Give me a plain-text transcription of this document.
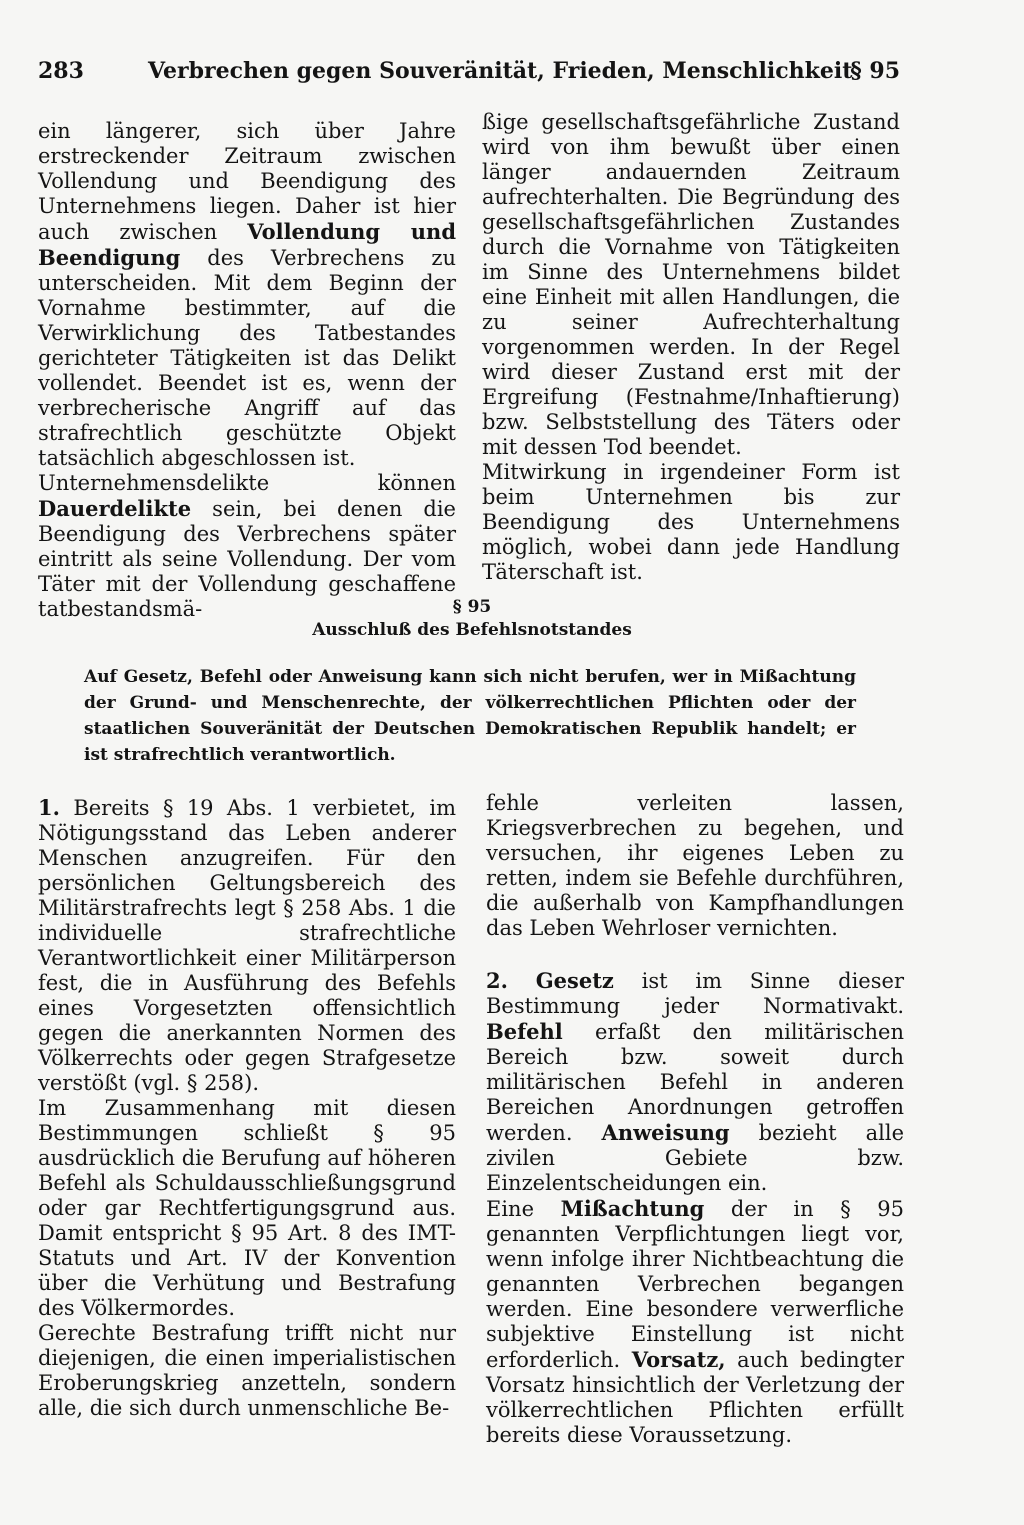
283	Verbrechen gegen Souveränität, Frieden, Menschlichkeit
§ 95

ein längerer, sich über Jahre erstreckender Zeitraum zwischen Vollendung und Beendigung des Unternehmens liegen. Daher ist hier auch zwischen Vollendung und Beendigung des Verbrechens zu unterscheiden. Mit dem Beginn der Vornahme bestimmter, auf die Verwirklichung des Tatbestandes gerichteter Tätigkeiten ist das Delikt vollendet. Beendet ist es, wenn der verbrecherische Angriff auf das strafrechtlich geschützte Objekt tatsächlich abgeschlossen ist.

Unternehmensdelikte können Dauerdelikte sein, bei denen die Beendigung des Verbrechens später eintritt als seine Vollendung. Der vom Täter mit der Vollendung geschaffene tatbestandsmä-

ßige gesellschaftsgefährliche Zustand wird von ihm bewußt über einen länger andauernden Zeitraum aufrechterhalten. Die Begründung des gesellschaftsgefährlichen Zustandes durch die Vornahme von Tätigkeiten im Sinne des Unternehmens bildet eine Einheit mit allen Handlungen, die zu seiner Aufrechterhaltung vorgenommen werden. In der Regel wird dieser Zustand erst mit der Ergreifung (Festnahme/Inhaftierung) bzw. Selbststellung des Täters oder mit dessen Tod beendet.

Mitwirkung in irgendeiner Form ist beim Unternehmen bis zur Beendigung des Unternehmens möglich, wobei dann jede Handlung Täterschaft ist.

§ 95
Ausschluß des Befehlsnotstandes
Auf Gesetz, Befehl oder Anweisung kann sich nicht berufen, wer in Mißachtung der Grund- und Menschenrechte, der völkerrechtlichen Pflichten oder der staatlichen Souveränität der Deutschen Demokratischen Republik handelt; er ist strafrechtlich verantwortlich.

1. Bereits § 19 Abs. 1 verbietet, im Nötigungsstand das Leben anderer Menschen anzugreifen. Für den persönlichen Geltungsbereich des Militärstrafrechts legt § 258 Abs. 1 die individuelle strafrechtliche Verantwortlichkeit einer Militärperson fest, die in Ausführung des Befehls eines Vorgesetzten offensichtlich gegen die anerkannten Normen des Völkerrechts oder gegen Strafgesetze verstößt (vgl. § 258).

Im Zusammenhang mit diesen Bestimmungen schließt § 95 ausdrücklich die Berufung auf höheren Befehl als Schuldausschließungsgrund oder gar Rechtfertigungsgrund aus. Damit entspricht § 95 Art. 8 des IMT-Statuts und Art. IV der Konvention über die Verhütung und Bestrafung des Völkermordes.

Gerechte Bestrafung trifft nicht nur diejenigen, die einen imperialistischen Eroberungskrieg anzetteln, sondern alle, die sich durch unmenschliche Be-

fehle verleiten lassen, Kriegsverbrechen zu begehen, und versuchen, ihr eigenes Leben zu retten, indem sie Befehle durchführen, die außerhalb von Kampfhandlungen das Leben Wehrloser vernichten.

2. Gesetz ist im Sinne dieser Bestimmung jeder Normativakt. Befehl erfaßt den militärischen Bereich bzw. soweit durch militärischen Befehl in anderen Bereichen Anordnungen getroffen werden. Anweisung bezieht alle zivilen Gebiete bzw. Einzelentscheidungen ein.

Eine Mißachtung der in § 95 genannten Verpflichtungen liegt vor, wenn infolge ihrer Nichtbeachtung die genannten Verbrechen begangen werden. Eine besondere verwerfliche subjektive Einstellung ist nicht erforderlich. Vorsatz, auch bedingter Vorsatz hinsichtlich der Verletzung der völkerrechtlichen Pflichten erfüllt bereits diese Voraussetzung.
